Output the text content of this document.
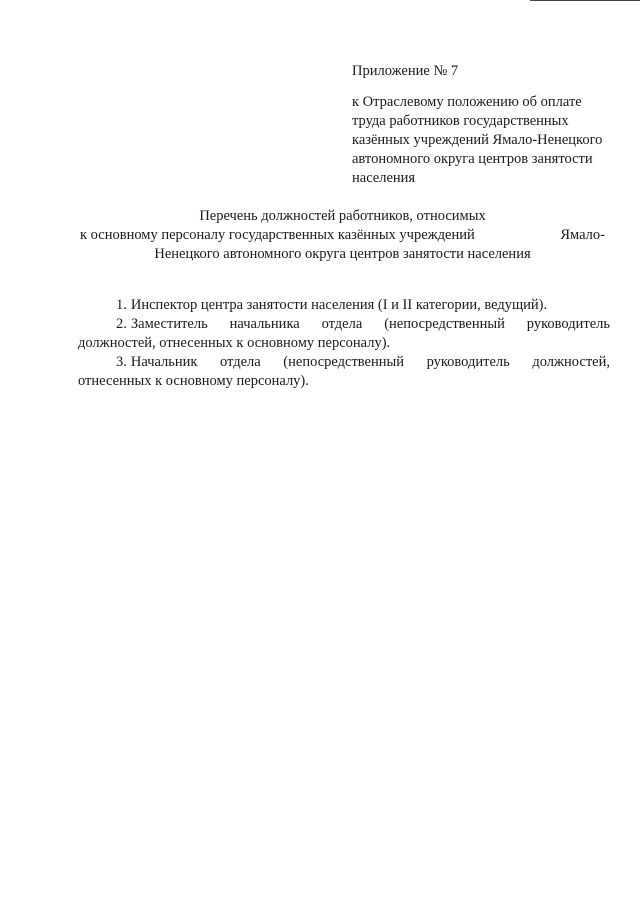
Приложение № 7

к Отраслевому положению об оплате труда работников государственных казённых учреждений Ямало-Ненецкого автономного округа центров занятости населения

Перечень должностей работников, относимых
к основному персоналу государственных казённых учреждений	Ямало-
Ненецкого автономного округа центров занятости населения

1. Инспектор центра занятости населения (I и II категории, ведущий).

2. Заместитель начальника отдела (непосредственный руководитель должностей, отнесенных к основному персоналу).

3. Начальник отдела (непосредственный руководитель должностей, отнесенных к основному персоналу).
